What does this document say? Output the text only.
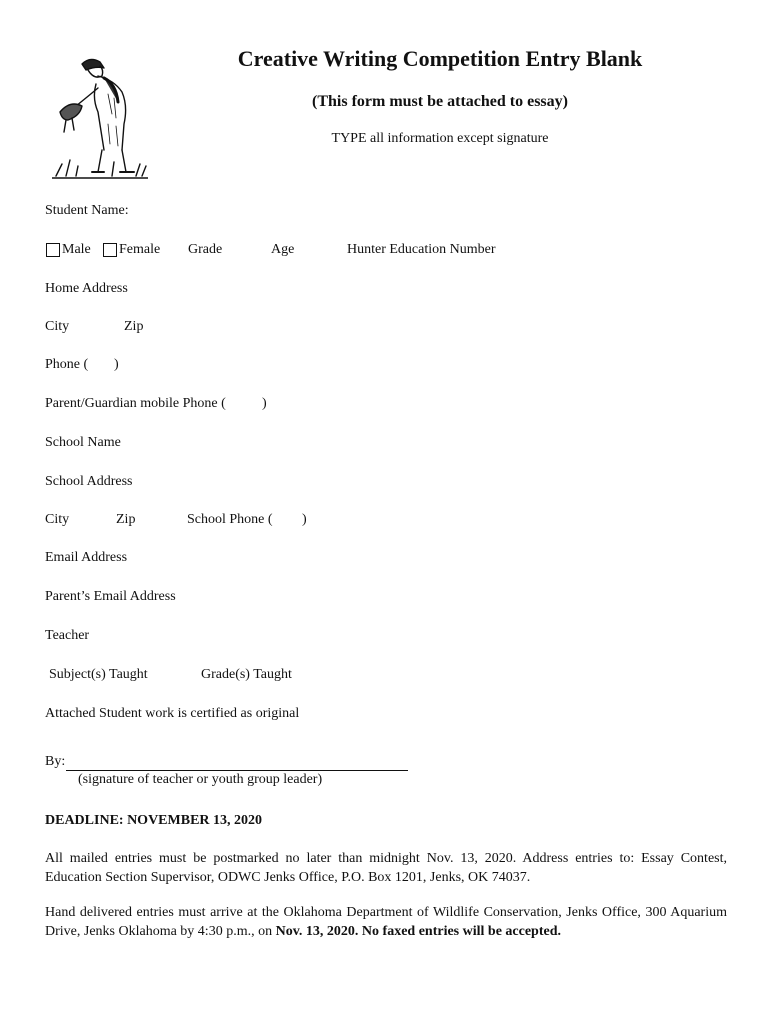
Creative Writing Competition Entry Blank
(This form must be attached to essay)
TYPE all information except signature
Student Name:
Male Female Grade	Age	Hunter Education Number
Home Address
City	Zip
Phone ( )
Parent/Guardian mobile Phone (	)
School Name
School Address
City	Zip	School Phone ( )
Email Address
Parent’s Email Address
Teacher
Subject(s) Taught	Grade(s) Taught
Attached Student work is certified as original
By:
(signature of teacher or youth group leader)
DEADLINE: NOVEMBER 13, 2020
All mailed entries must be postmarked no later than midnight Nov. 13, 2020. Address entries to: Essay Contest, Education Section Supervisor, ODWC Jenks Office, P.O. Box 1201, Jenks, OK 74037.
Hand delivered entries must arrive at the Oklahoma Department of Wildlife Conservation, Jenks Office, 300 Aquarium Drive, Jenks Oklahoma by 4:30 p.m., on Nov. 13, 2020. No faxed entries will be accepted.
